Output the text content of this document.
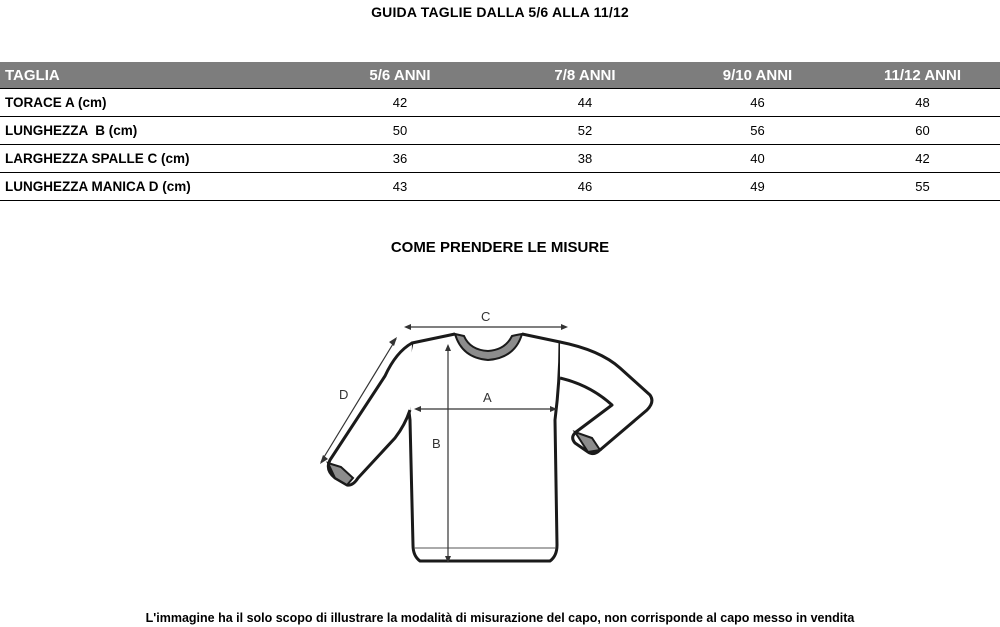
GUIDA TAGLIE DALLA 5/6 ALLA 11/12
TAGLIA	5/6 ANNI	7/8 ANNI	9/10 ANNI	11/12 ANNI
TORACE A (cm)	42	44	46	48
LUNGHEZZA  B (cm)	50	52	56	60
LARGHEZZA SPALLE C (cm)	36	38	40	42
LUNGHEZZA MANICA D (cm)	43	46	49	55
COME PRENDERE LE MISURE
C
A
B
D
L'immagine ha il solo scopo di illustrare la modalità di misurazione del capo, non corrisponde al capo messo in vendita
